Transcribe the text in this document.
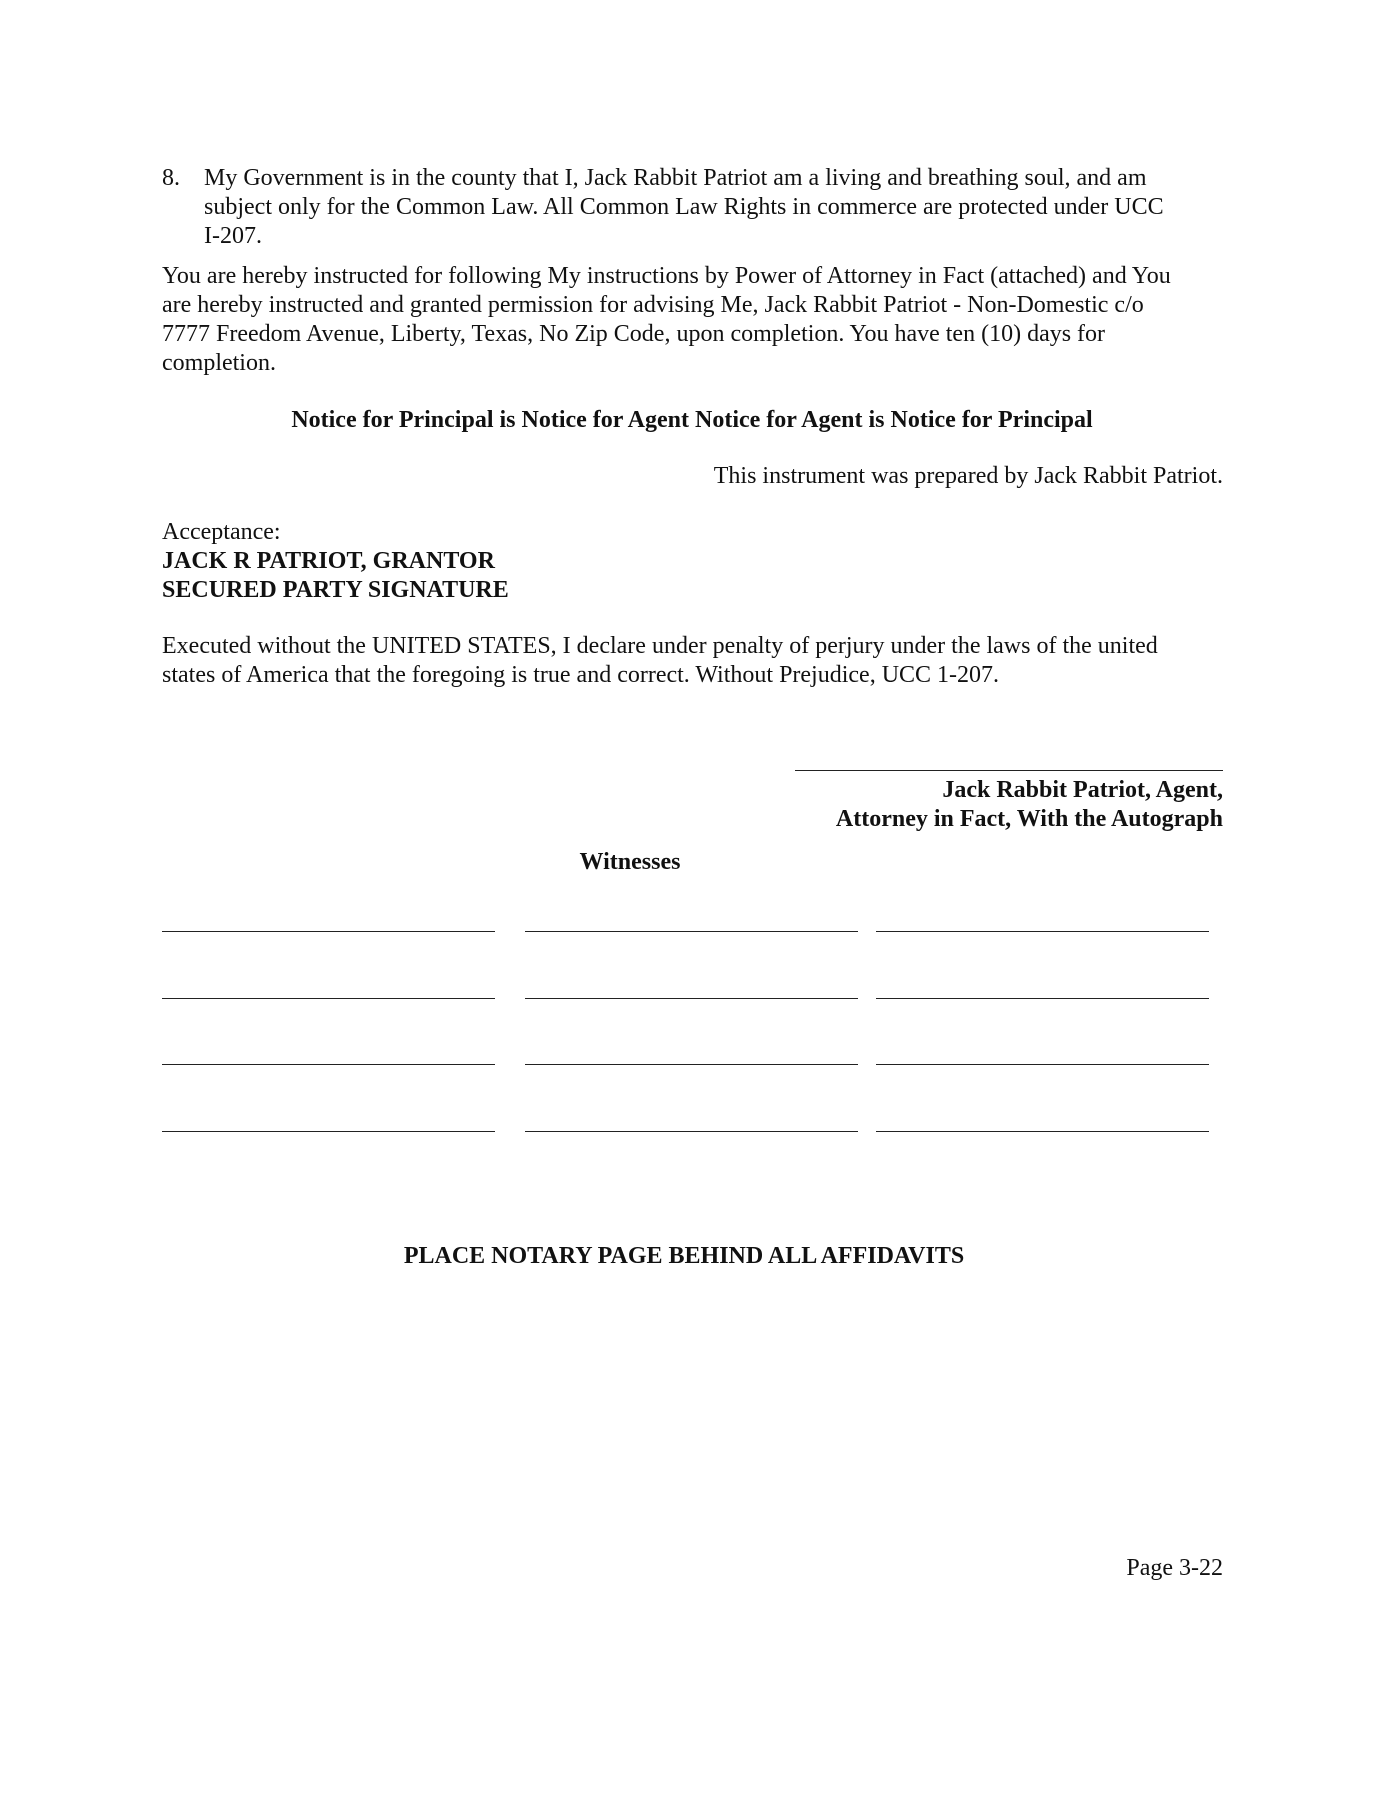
8.	My Government is in the county that I, Jack Rabbit Patriot am a living and breathing soul, and am
subject only for the Common Law. All Common Law Rights in commerce are protected under UCC
I-207.
You are hereby instructed for following My instructions by Power of Attorney in Fact (attached) and You
are hereby instructed and granted permission for advising Me, Jack Rabbit Patriot - Non-Domestic c/o
7777 Freedom Avenue, Liberty, Texas, No Zip Code, upon completion. You have ten (10) days for
completion.
Notice for Principal is Notice for Agent Notice for Agent is Notice for Principal
This instrument was prepared by Jack Rabbit Patriot.
Acceptance:
JACK R PATRIOT, GRANTOR
SECURED PARTY SIGNATURE
Executed without the UNITED STATES, I declare under penalty of perjury under the laws of the united
states of America that the foregoing is true and correct. Without Prejudice, UCC 1-207.
Jack Rabbit Patriot, Agent,
Attorney in Fact, With the Autograph
Witnesses
PLACE NOTARY PAGE BEHIND ALL AFFIDAVITS
Page 3-22
